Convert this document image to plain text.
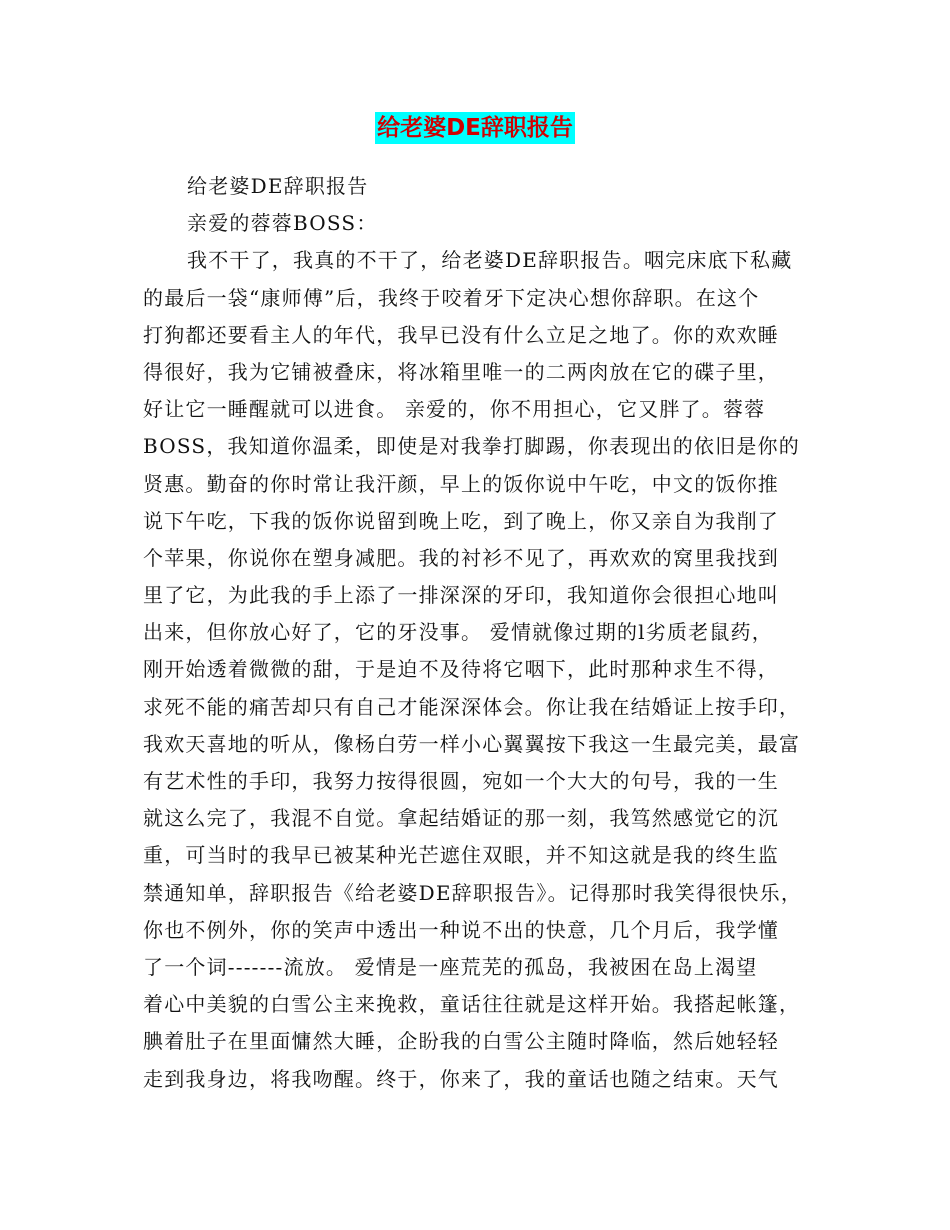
给老婆DE辞职报告
给老婆DE辞职报告
亲爱的蓉蓉BOSS：
我不干了，我真的不干了，给老婆DE辞职报告。咽完床底下私藏
的最后一袋“康师傅”后，我终于咬着牙下定决心想你辞职。在这个
打狗都还要看主人的年代，我早已没有什么立足之地了。你的欢欢睡
得很好，我为它铺被叠床，将冰箱里唯一的二两肉放在它的碟子里，
好让它一睡醒就可以进食。 亲爱的，你不用担心，它又胖了。蓉蓉
BOSS，我知道你温柔，即使是对我拳打脚踢，你表现出的依旧是你的
贤惠。勤奋的你时常让我汗颜，早上的饭你说中午吃，中文的饭你推
说下午吃，下我的饭你说留到晚上吃，到了晚上，你又亲自为我削了
个苹果，你说你在塑身减肥。我的衬衫不见了，再欢欢的窝里我找到
里了它，为此我的手上添了一排深深的牙印，我知道你会很担心地叫
出来，但你放心好了，它的牙没事。 爱情就像过期的l劣质老鼠药，
刚开始透着微微的甜，于是迫不及待将它咽下，此时那种求生不得，
求死不能的痛苦却只有自己才能深深体会。你让我在结婚证上按手印，
我欢天喜地的听从，像杨白劳一样小心翼翼按下我这一生最完美，最富
有艺术性的手印，我努力按得很圆，宛如一个大大的句号，我的一生
就这么完了，我混不自觉。拿起结婚证的那一刻，我笃然感觉它的沉
重，可当时的我早已被某种光芒遮住双眼，并不知这就是我的终生监
禁通知单，辞职报告《给老婆DE辞职报告》。记得那时我笑得很快乐，
你也不例外，你的笑声中透出一种说不出的快意，几个月后，我学懂
了一个词-------流放。 爱情是一座荒芜的孤岛，我被困在岛上渴望
着心中美貌的白雪公主来挽救，童话往往就是这样开始。我搭起帐篷，
腆着肚子在里面慵然大睡，企盼我的白雪公主随时降临，然后她轻轻
走到我身边，将我吻醒。终于，你来了，我的童话也随之结束。天气
